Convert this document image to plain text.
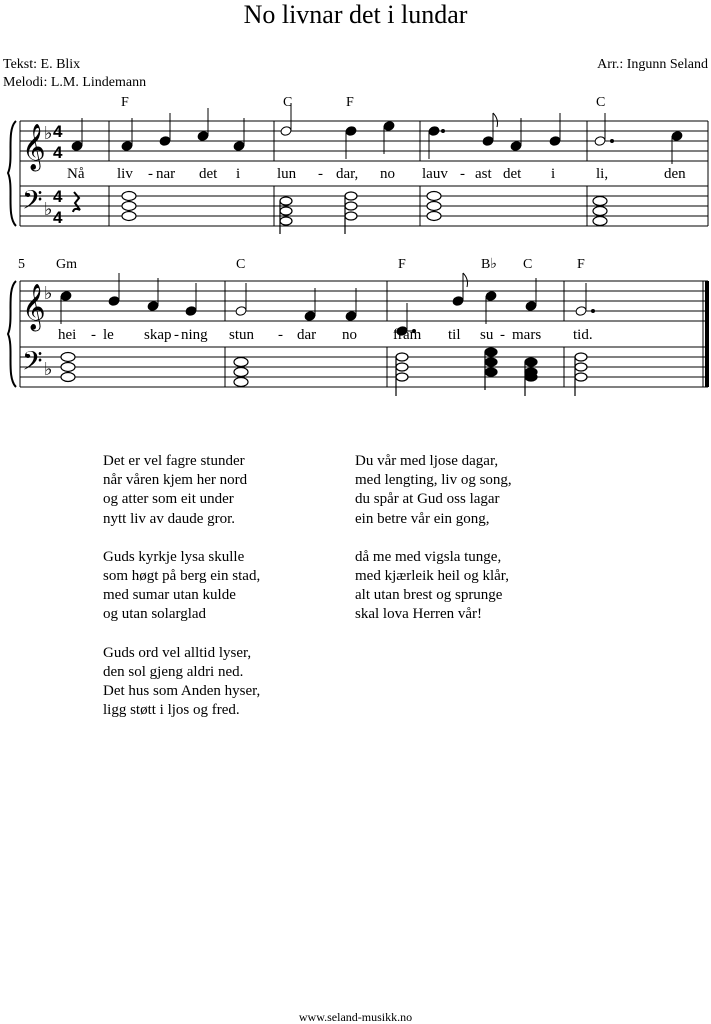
No livnar det i lundar
Tekst: E. Blix
Melodi: L.M. Lindemann
Arr.: Ingunn Seland
𝄞
𝄢
𝄞
𝄢
♭
♭
♭
♭
4
4
4
4
F	C	F	C
Nå liv - nar det i lun - dar, no lauv - ast det i	li,	den
5 Gm	C	F	B♭ C	F
hei - le skap - ning stun - dar no fram til su - mars tid.
Det er vel fagre stunder
når våren kjem her nord
og atter som eit under
nytt liv av daude gror.
Guds kyrkje lysa skulle
som høgt på berg ein stad,
med sumar utan kulde
og utan solarglad
Guds ord vel alltid lyser,
den sol gjeng aldri ned.
Det hus som Anden hyser,
ligg støtt i ljos og fred.
Du vår med ljose dagar,
med lengting, liv og song,
du spår at Gud oss lagar
ein betre vår ein gong,
då me med vigsla tunge,
med kjærleik heil og klår,
alt utan brest og sprunge
skal lova Herren vår!
www.seland-musikk.no
